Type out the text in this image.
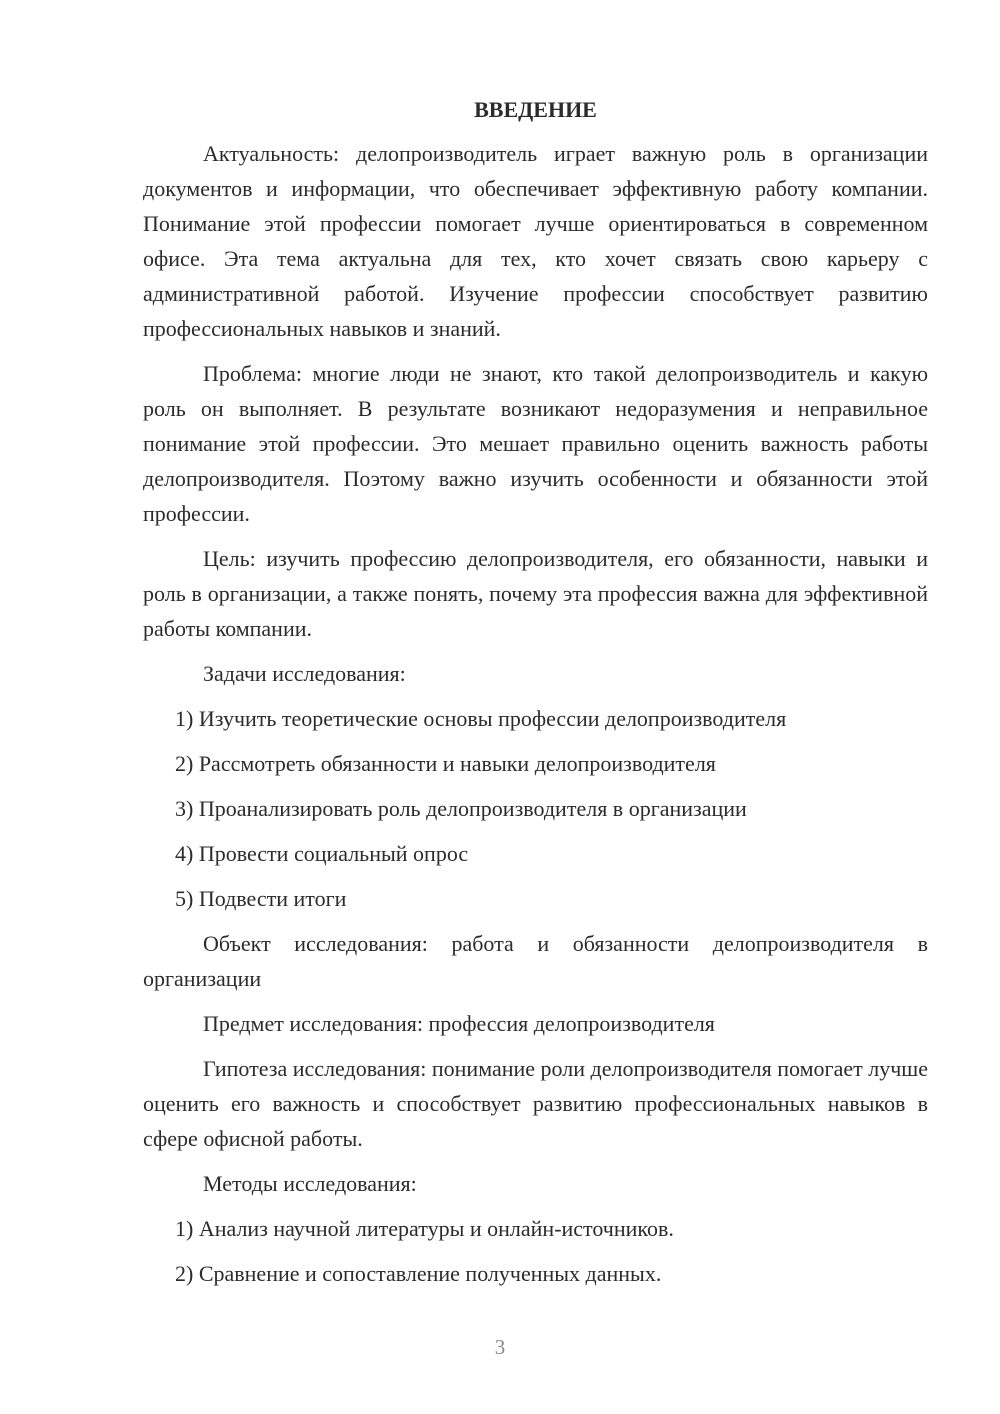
ВВЕДЕНИЕ

Актуальность: делопроизводитель играет важную роль в организации документов и информации, что обеспечивает эффективную работу компании. Понимание этой профессии помогает лучше ориентироваться в современном офисе. Эта тема актуальна для тех, кто хочет связать свою карьеру с административной работой. Изучение профессии способствует развитию профессиональных навыков и знаний.

Проблема: многие люди не знают, кто такой делопроизводитель и какую роль он выполняет. В результате возникают недоразумения и неправильное понимание этой профессии. Это мешает правильно оценить важность работы делопроизводителя. Поэтому важно изучить особенности и обязанности этой профессии.

Цель: изучить профессию делопроизводителя, его обязанности, навыки и роль в организации, а также понять, почему эта профессия важна для эффективной работы компании.

Задачи исследования:

1) Изучить теоретические основы профессии делопроизводителя
2) Рассмотреть обязанности и навыки делопроизводителя
3) Проанализировать роль делопроизводителя в организации
4) Провести социальный опрос
5) Подвести итоги

Объект исследования: работа и обязанности делопроизводителя в организации

Предмет исследования: профессия делопроизводителя

Гипотеза исследования: понимание роли делопроизводителя помогает лучше оценить его важность и способствует развитию профессиональных навыков в сфере офисной работы.

Методы исследования:

1) Анализ научной литературы и онлайн-источников.
2) Сравнение и сопоставление полученных данных.
3
